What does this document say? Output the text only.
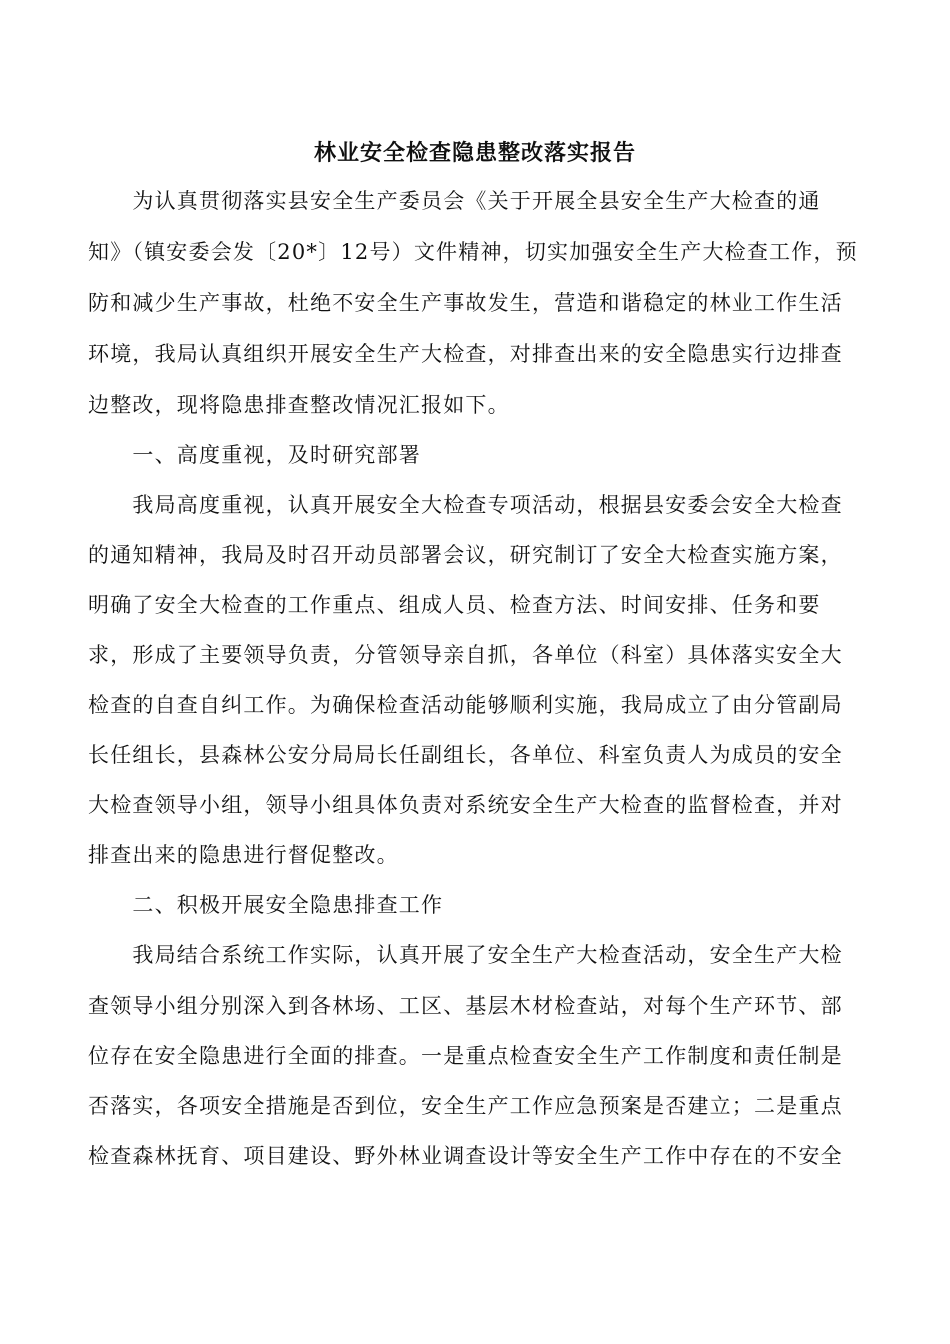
林业安全检查隐患整改落实报告
　　为认真贯彻落实县安全生产委员会《关于开展全县安全生产大检查的通
知》（镇安委会发〔20*〕12号）文件精神，切实加强安全生产大检查工作，预
防和减少生产事故，杜绝不安全生产事故发生，营造和谐稳定的林业工作生活
环境，我局认真组织开展安全生产大检查，对排查出来的安全隐患实行边排查
边整改，现将隐患排查整改情况汇报如下。
　　一、高度重视，及时研究部署
　　我局高度重视，认真开展安全大检查专项活动，根据县安委会安全大检查
的通知精神，我局及时召开动员部署会议，研究制订了安全大检查实施方案，
明确了安全大检查的工作重点、组成人员、检查方法、时间安排、任务和要
求，形成了主要领导负责，分管领导亲自抓，各单位（科室）具体落实安全大
检查的自查自纠工作。为确保检查活动能够顺利实施，我局成立了由分管副局
长任组长，县森林公安分局局长任副组长，各单位、科室负责人为成员的安全
大检查领导小组，领导小组具体负责对系统安全生产大检查的监督检查，并对
排查出来的隐患进行督促整改。
　　二、积极开展安全隐患排查工作
　　我局结合系统工作实际，认真开展了安全生产大检查活动，安全生产大检
查领导小组分别深入到各林场、工区、基层木材检查站，对每个生产环节、部
位存在安全隐患进行全面的排查。一是重点检查安全生产工作制度和责任制是
否落实，各项安全措施是否到位，安全生产工作应急预案是否建立；二是重点
检查森林抚育、项目建设、野外林业调查设计等安全生产工作中存在的不安全
